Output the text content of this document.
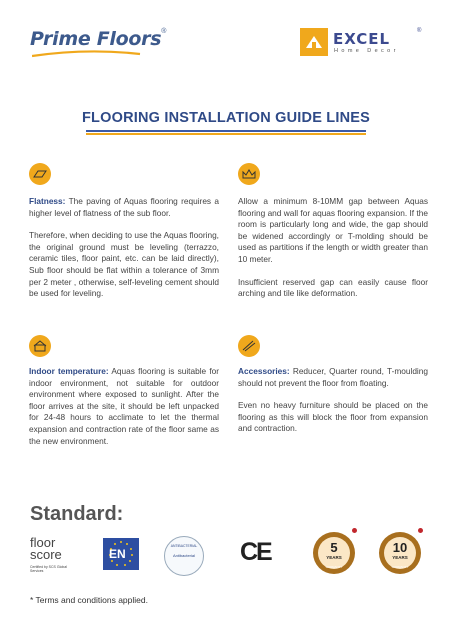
Prime Floors®	EXCEL	®
Home Decor
FLOORING INSTALLATION GUIDE LINES
Flatness: The paving of Aquas flooring requires a higher level of flatness of the sub floor.
Therefore, when deciding to use the Aquas flooring, the original ground must be leveling (terrazzo, ceramic tiles, floor paint, etc. can be laid directly), Sub floor should be flat within a tolerance of 3mm per 2 meter , otherwise, self-leveling cement should be used for leveling.
Allow a minimum 8-10MM gap between Aquas flooring and wall for aquas flooring expansion. If the room is particularly long and wide, the gap should be widened accordingly or T-molding should be used as partitions if the length or width greater than 10 meter.
Insufficient reserved gap can easily cause floor arching and tile like deformation.
Indoor temperature: Aquas flooring is suitable for indoor environment, not suitable for outdoor environment where exposed to sunlight. After the floor arrives at the site, it should be left unpacked for 24-48 hours to acclimate to let the thermal expansion and contraction rate of the floor same as the new environment.
Accessories: Reducer, Quarter round, T-moulding should not prevent the floor from floating.
Even no heavy furniture should be placed on the flooring as this will block the floor from expansion and contraction.
Standard:
floor score
Certified by SCS Global Services
EN
ANTIBACTERIAL
Antibacterial CE	5
YEARS
WARRANTY
10
YEARS
WARRANTY
* Terms and conditions applied.
